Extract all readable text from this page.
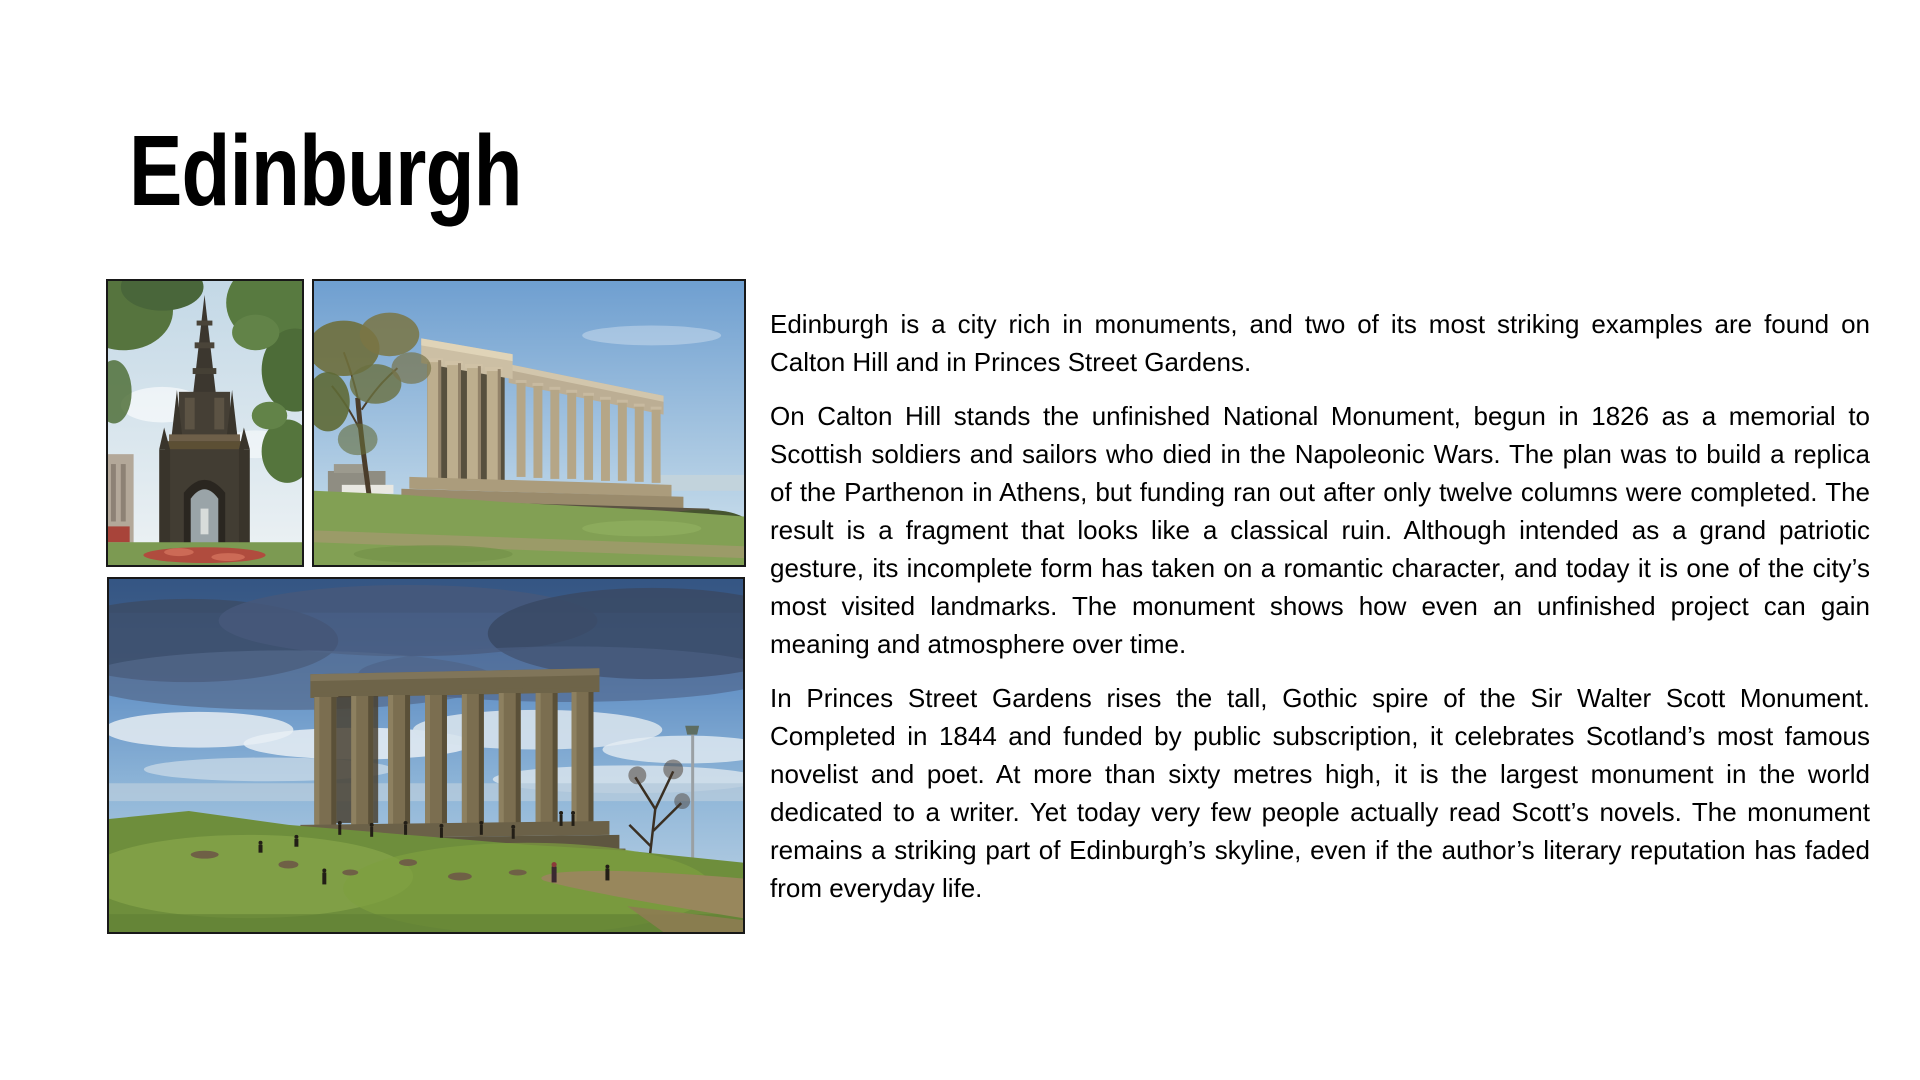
Edinburgh

Edinburgh is a city rich in monuments, and two of its most striking examples are found on Calton Hill and in Princes Street Gardens.

On Calton Hill stands the unfinished National Monument, begun in 1826 as a memorial to Scottish soldiers and sailors who died in the Napoleonic Wars. The plan was to build a replica of the Parthenon in Athens, but funding ran out after only twelve columns were completed. The result is a fragment that looks like a classical ruin. Although intended as a grand patriotic gesture, its incomplete form has taken on a romantic character, and today it is one of the city’s most visited landmarks. The monument shows how even an unfinished project can gain meaning and atmosphere over time.

In Princes Street Gardens rises the tall, Gothic spire of the Sir Walter Scott Monument. Completed in 1844 and funded by public subscription, it celebrates Scotland’s most famous novelist and poet. At more than sixty metres high, it is the largest monument in the world dedicated to a writer. Yet today very few people actually read Scott’s novels. The monument remains a striking part of Edinburgh’s skyline, even if the author’s literary reputation has faded from everyday life.
